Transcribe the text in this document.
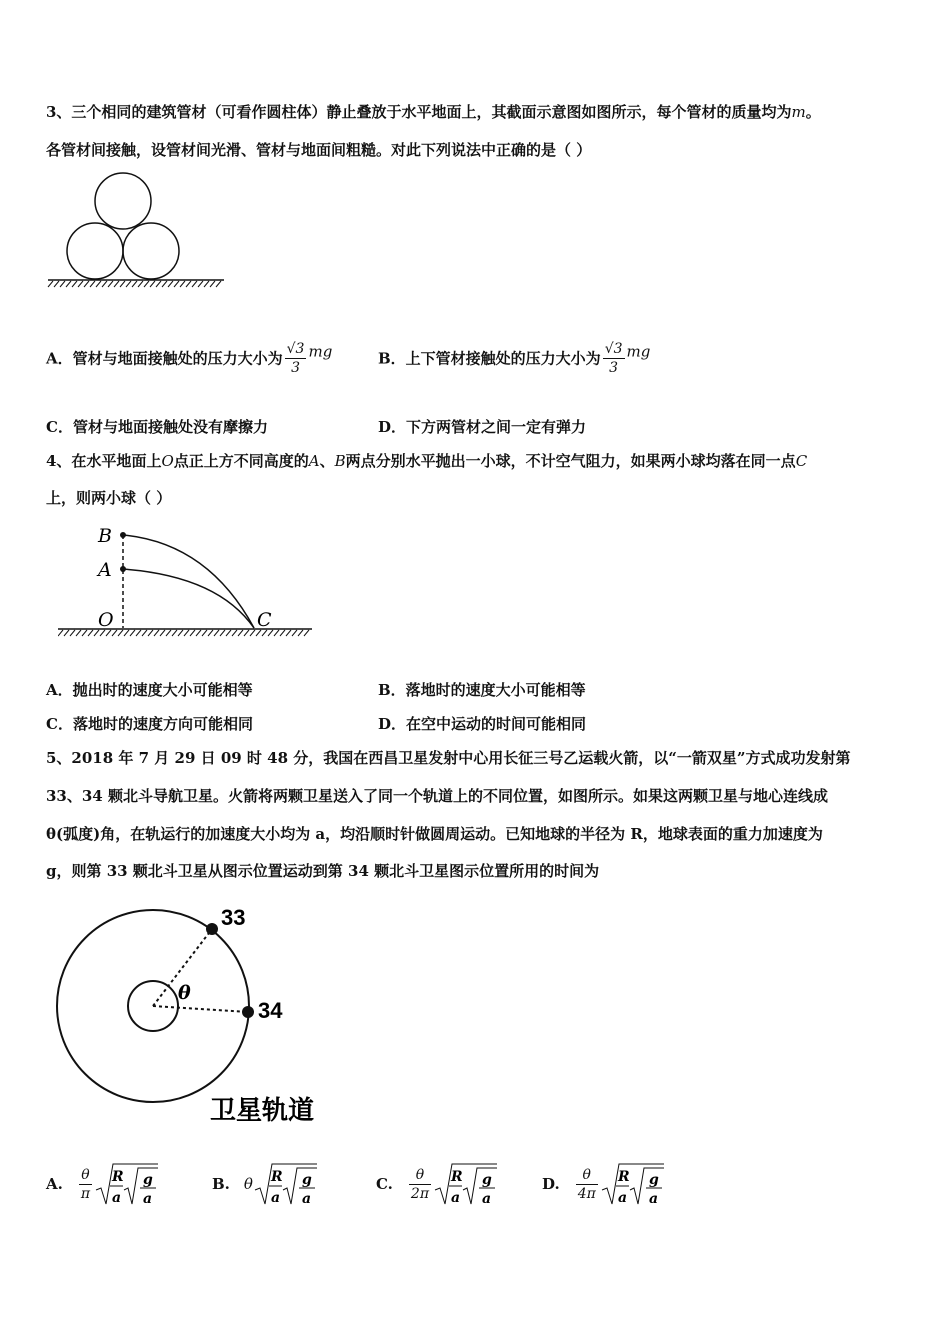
3、三个相同的建筑管材（可看作圆柱体）静止叠放于水平地面上，其截面示意图如图所示，每个管材的质量均为m。
各管材间接触，设管材间光滑、管材与地面间粗糙。对此下列说法中正确的是（ ）
A．管材与地面接触处的压力大小为 $\frac{√3}{3}$ mg	B．上下管材接触处的压力大小为 $\frac{√3}{3}$ mg
C．管材与地面接触处没有摩擦力	D．下方两管材之间一定有弹力
4、在水平地面上O点正上方不同高度的A、B两点分别水平抛出一小球，不计空气阻力，如果两小球均落在同一点C
上，则两小球（ ）
B
A
O	C
A．抛出时的速度大小可能相等	B．落地时的速度大小可能相等
C．落地时的速度方向可能相同	D．在空中运动的时间可能相同
5、2018 年 7 月 29 日 09 时 48 分，我国在西昌卫星发射中心用长征三号乙运载火箭，以“一箭双星”方式成功发射第
33、34 颗北斗导航卫星。火箭将两颗卫星送入了同一个轨道上的不同位置，如图所示。如果这两颗卫星与地心连线成
θ(弧度)角，在轨运行的加速度大小均为 a，均沿顺时针做圆周运动。已知地球的半径为 R，地球表面的重力加速度为
g，则第 33 颗北斗卫星从图示位置运动到第 34 颗北斗卫星图示位置所用的时间为
33
34
θ
卫星轨道
A. $\frac{\theta}{\pi}$ R
a
g
a
B. θ R
a
g
a
C. $\frac{\theta}{2\pi}$ R
a
g
a
D. $\frac{\theta}{4\pi}$ R
a
g
a
